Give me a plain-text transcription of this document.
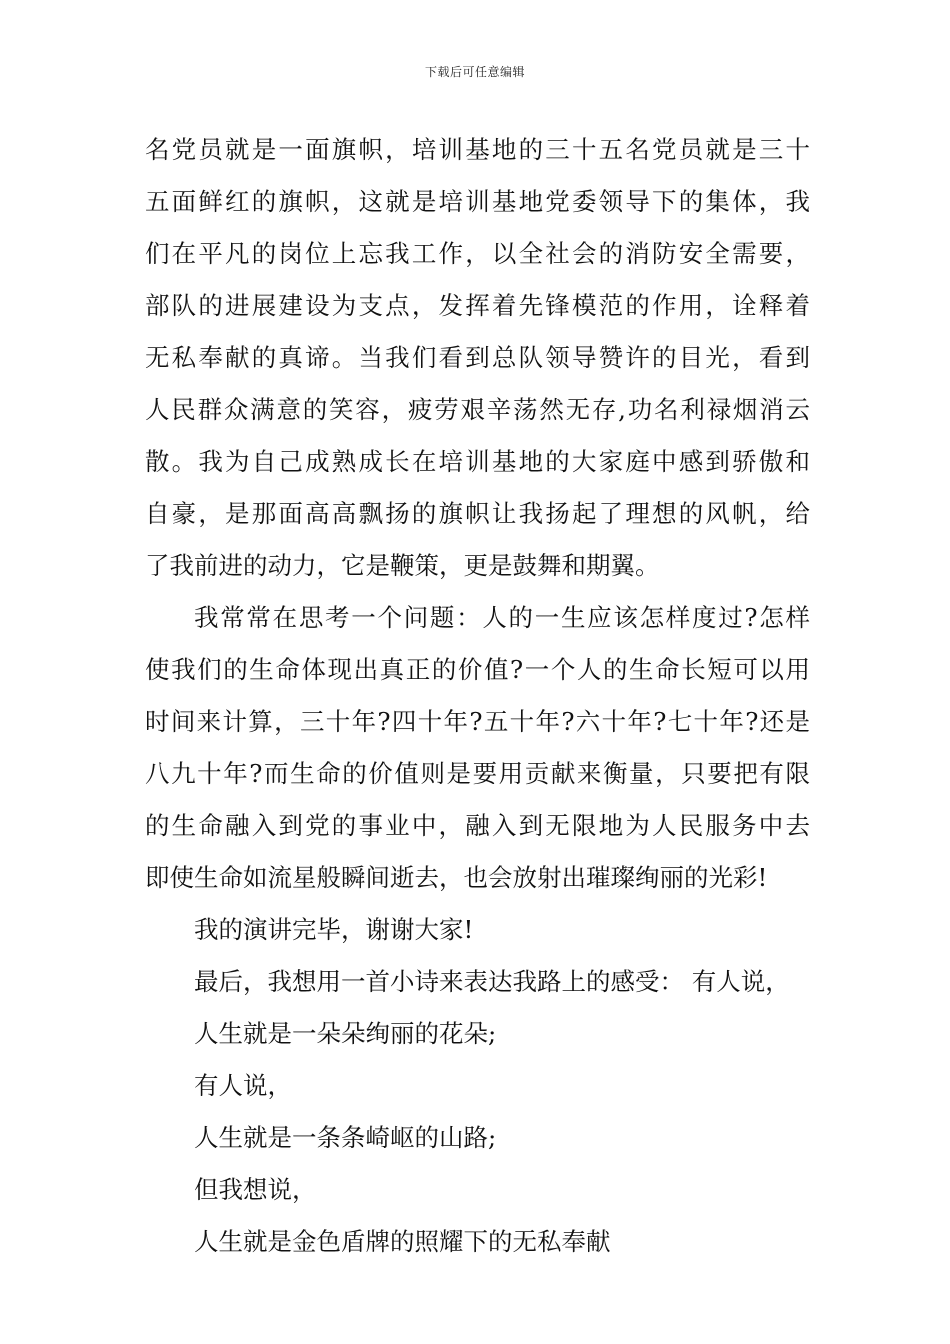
下载后可任意编辑
名党员就是一面旗帜，培训基地的三十五名党员就是三十
五面鲜红的旗帜，这就是培训基地党委领导下的集体，我
们在平凡的岗位上忘我工作，以全社会的消防安全需要，
部队的进展建设为支点，发挥着先锋模范的作用，诠释着
无私奉献的真谛。当我们看到总队领导赞许的目光，看到
人民群众满意的笑容，疲劳艰辛荡然无存,功名利禄烟消云
散。我为自己成熟成长在培训基地的大家庭中感到骄傲和
自豪，是那面高高飘扬的旗帜让我扬起了理想的风帆，给
了我前进的动力，它是鞭策，更是鼓舞和期翼。
我常常在思考一个问题：人的一生应该怎样度过?怎样
使我们的生命体现出真正的价值?一个人的生命长短可以用
时间来计算，三十年?四十年?五十年?六十年?七十年?还是
八九十年?而生命的价值则是要用贡献来衡量，只要把有限
的生命融入到党的事业中，融入到无限地为人民服务中去
即使生命如流星般瞬间逝去，也会放射出璀璨绚丽的光彩!
我的演讲完毕，谢谢大家!
最后，我想用一首小诗来表达我路上的感受： 有人说，
人生就是一朵朵绚丽的花朵;
有人说，
人生就是一条条崎岖的山路;
但我想说，
人生就是金色盾牌的照耀下的无私奉献
